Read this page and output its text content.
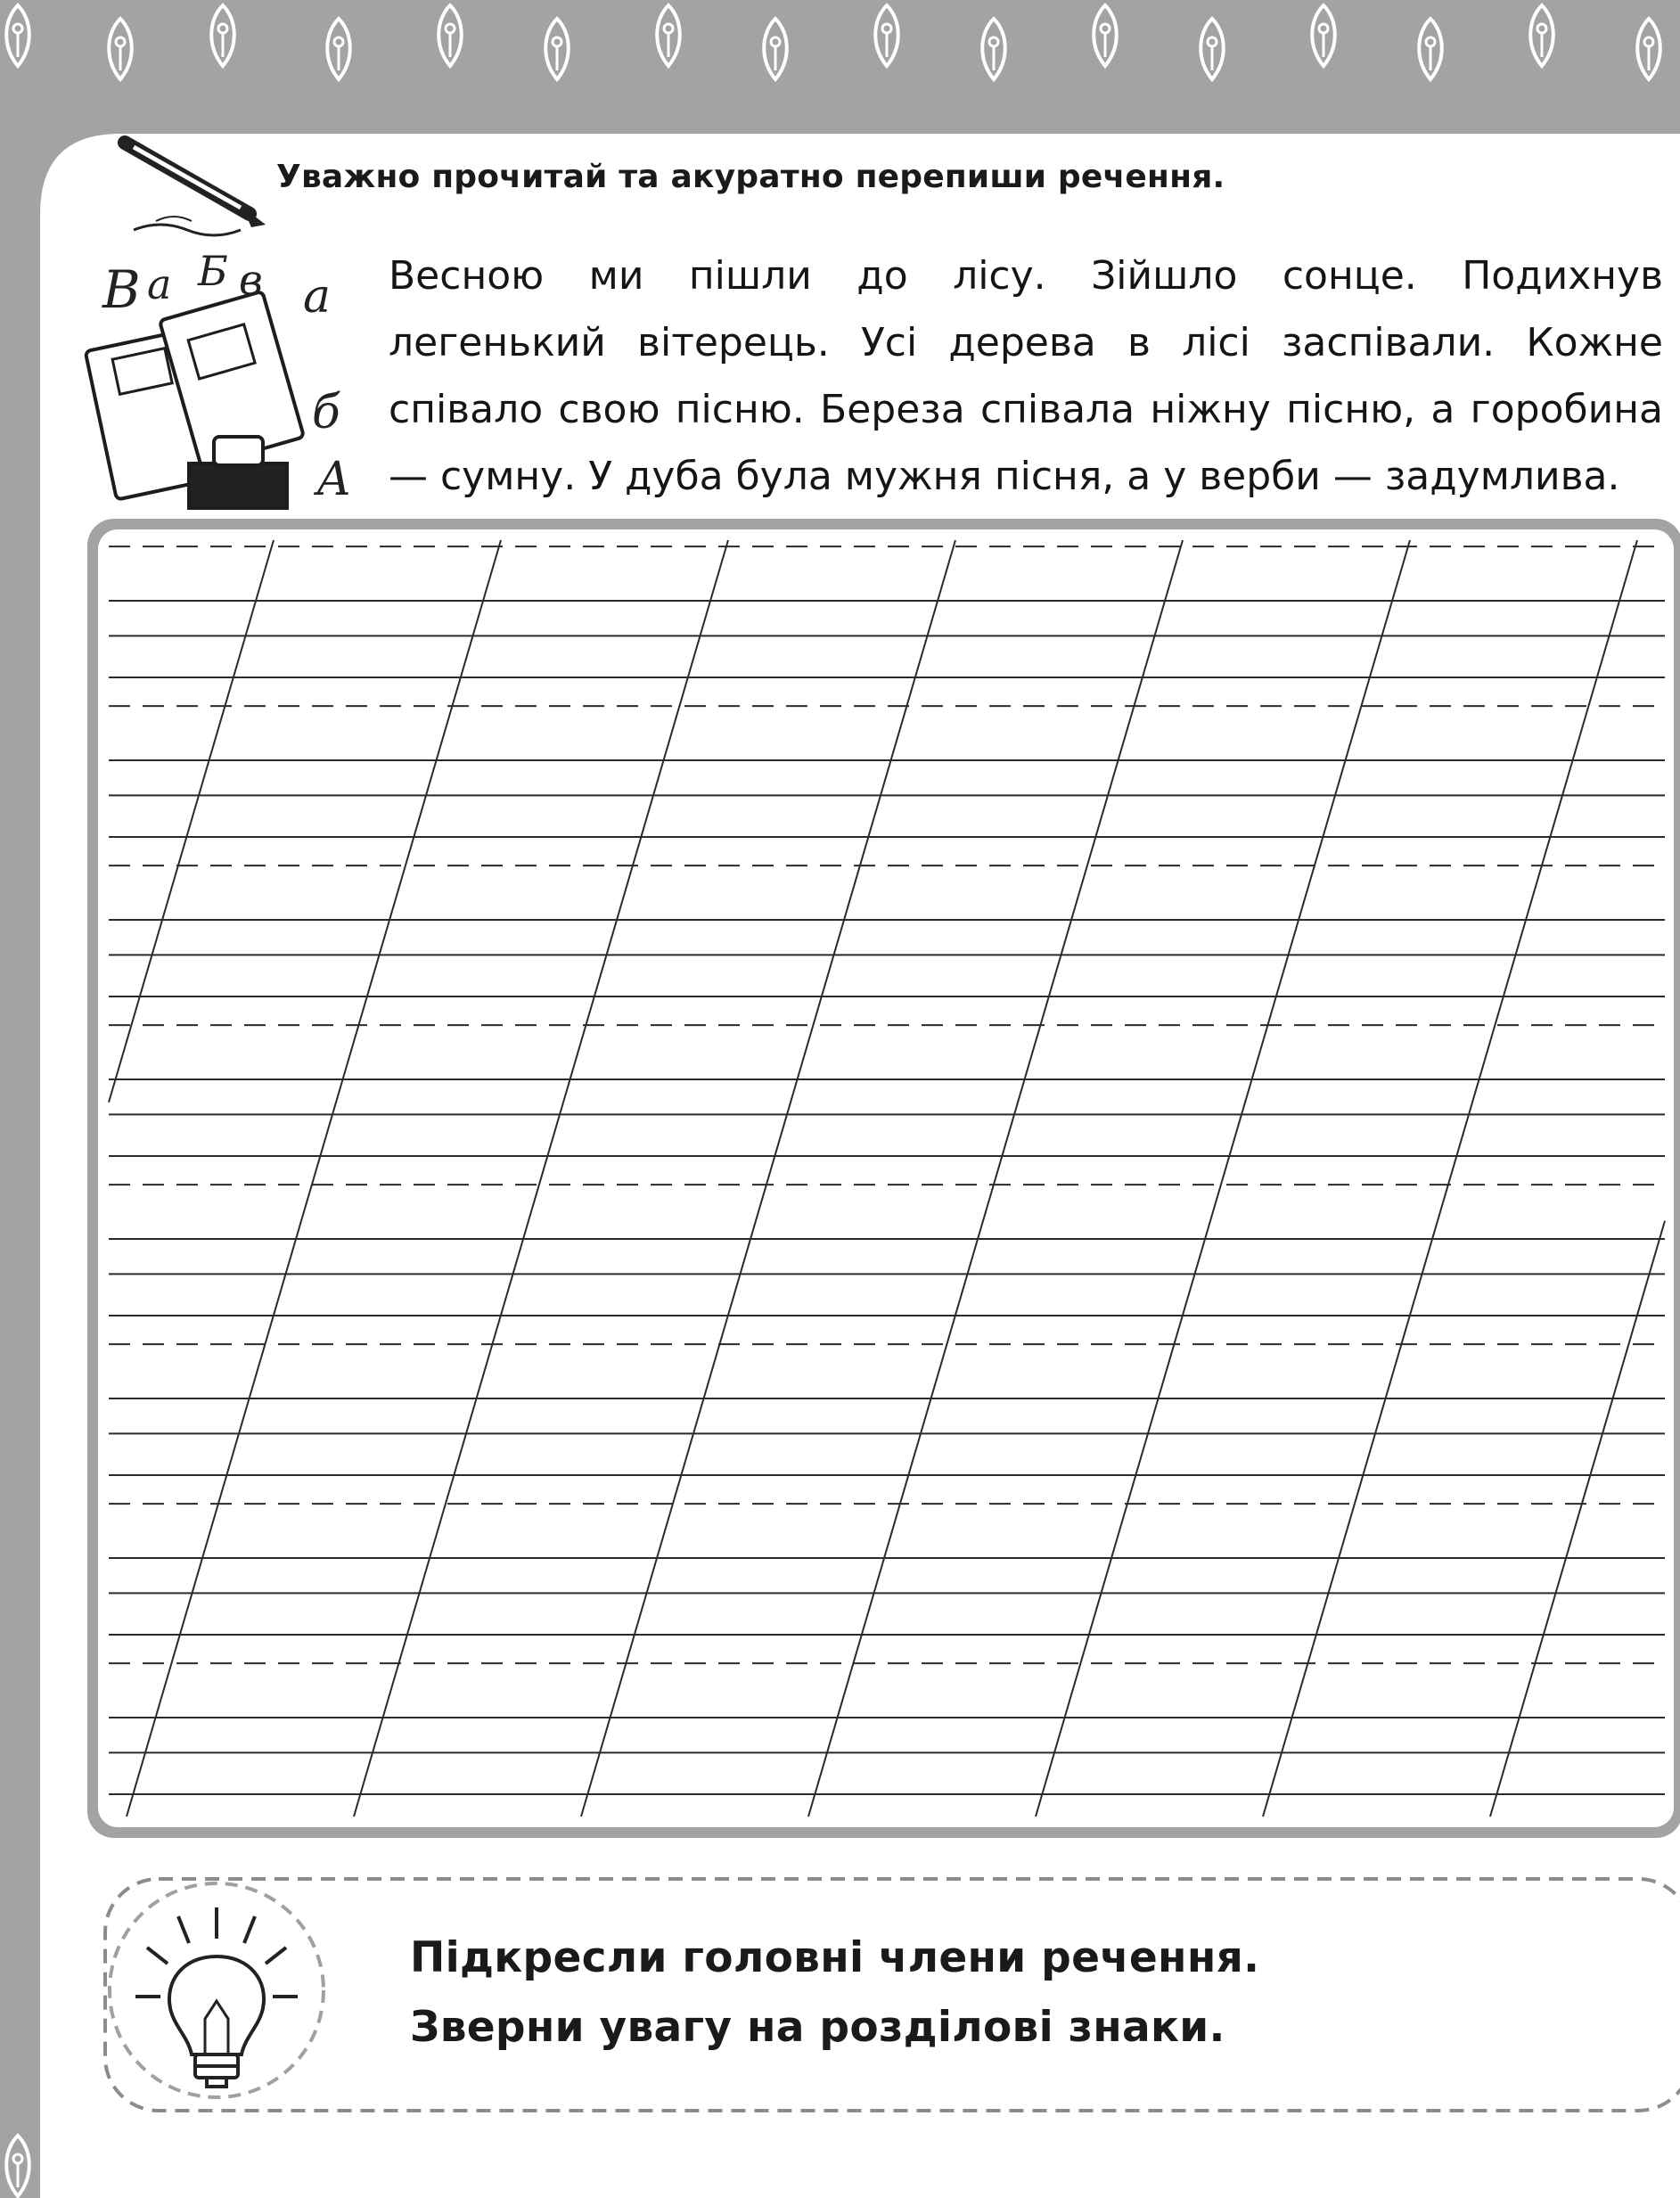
В а Б в а
б
А
Уважно прочитай та акуратно перепиши речення.
Весною ми пішли до лісу. Зійшло сонце. Подихнув легенький вітерець. Усі дерева в лісі заспівали. Кожне співало свою пісню. Береза співала ніжну пісню, а горобина — сумну. У дуба була мужня пісня, а у верби — задумлива.
Підкресли головні члени речення.
Зверни увагу на розділові знаки.
